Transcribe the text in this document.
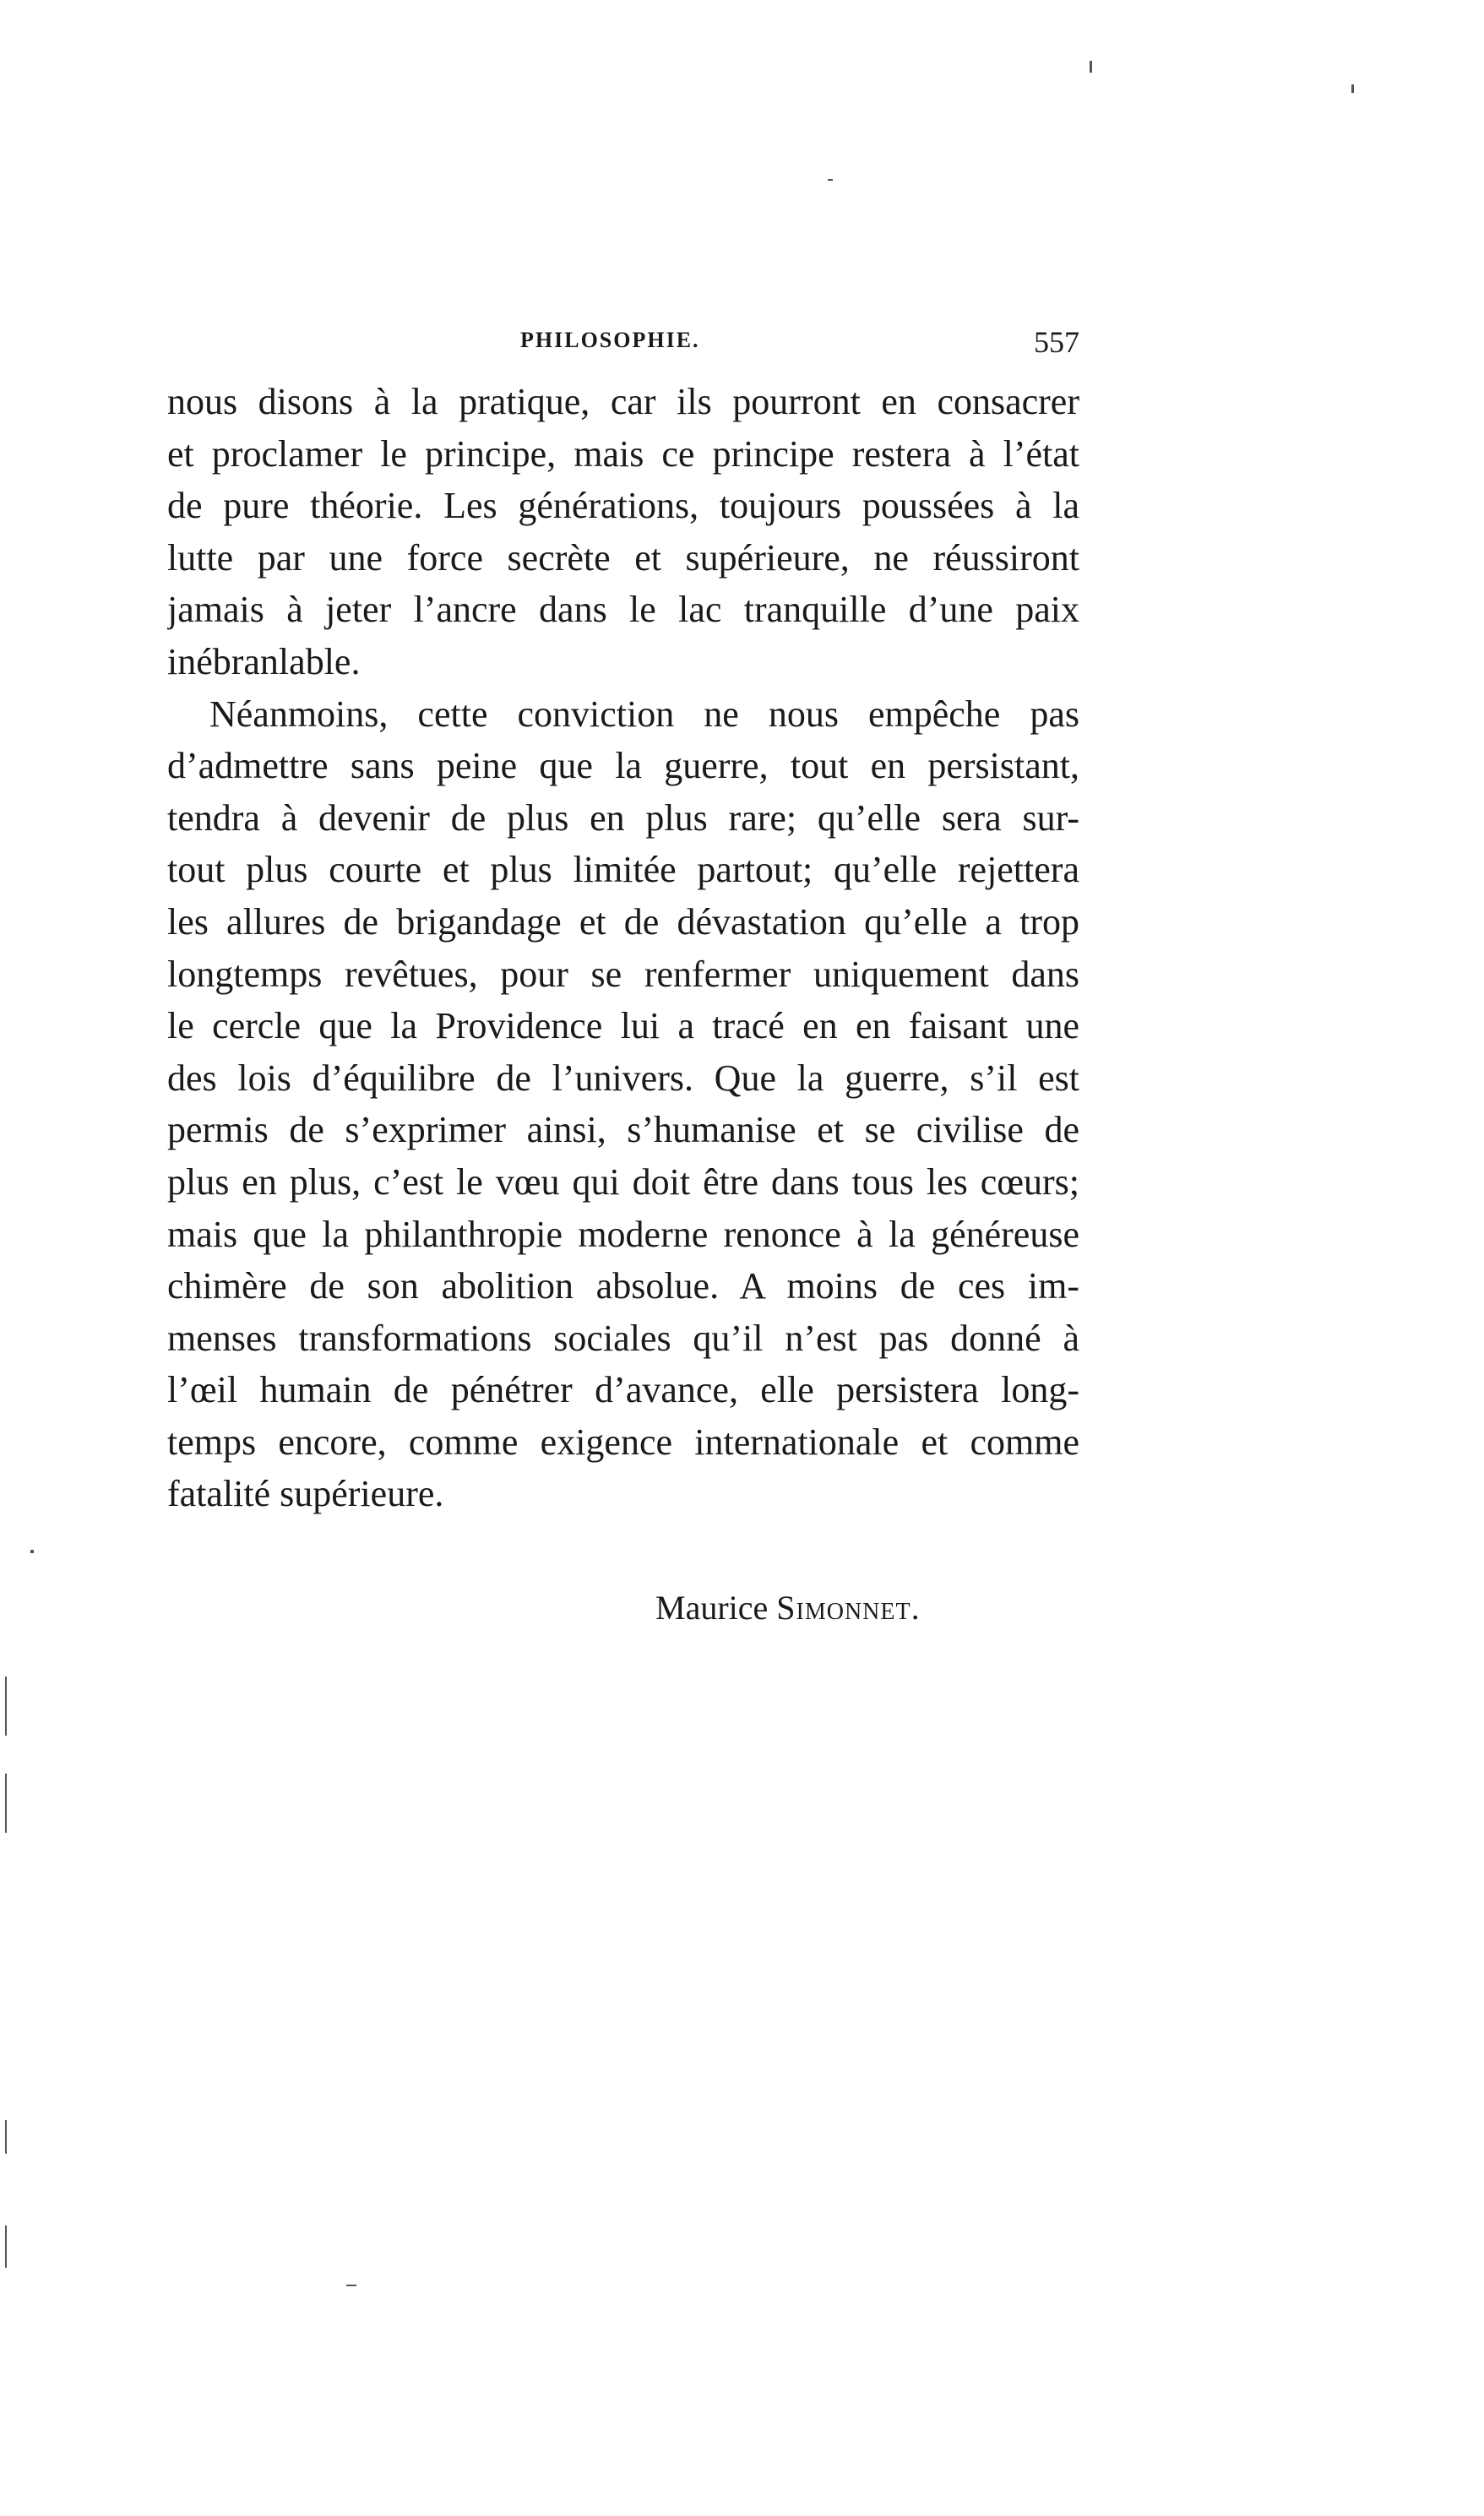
PHILOSOPHIE.	557
nous disons à la pratique, car ils pourront en consacrer
et proclamer le principe, mais ce principe restera à l’état
de pure théorie. Les générations, toujours poussées à la
lutte par une force secrète et supérieure, ne réussiront
jamais à jeter l’ancre dans le lac tranquille d’une paix
inébranlable.
Néanmoins, cette conviction ne nous empêche pas
d’admettre sans peine que la guerre, tout en persistant,
tendra à devenir de plus en plus rare; qu’elle sera sur-
tout plus courte et plus limitée partout; qu’elle rejettera
les allures de brigandage et de dévastation qu’elle a trop
longtemps revêtues, pour se renfermer uniquement dans
le cercle que la Providence lui a tracé en en faisant une
des lois d’équilibre de l’univers. Que la guerre, s’il est
permis de s’exprimer ainsi, s’humanise et se civilise de
plus en plus, c’est le vœu qui doit être dans tous les cœurs;
mais que la philanthropie moderne renonce à la généreuse
chimère de son abolition absolue. A moins de ces im-
menses transformations sociales qu’il n’est pas donné à
l’œil humain de pénétrer d’avance, elle persistera long-
temps encore, comme exigence internationale et comme
fatalité supérieure.
Maurice Simonnet.
